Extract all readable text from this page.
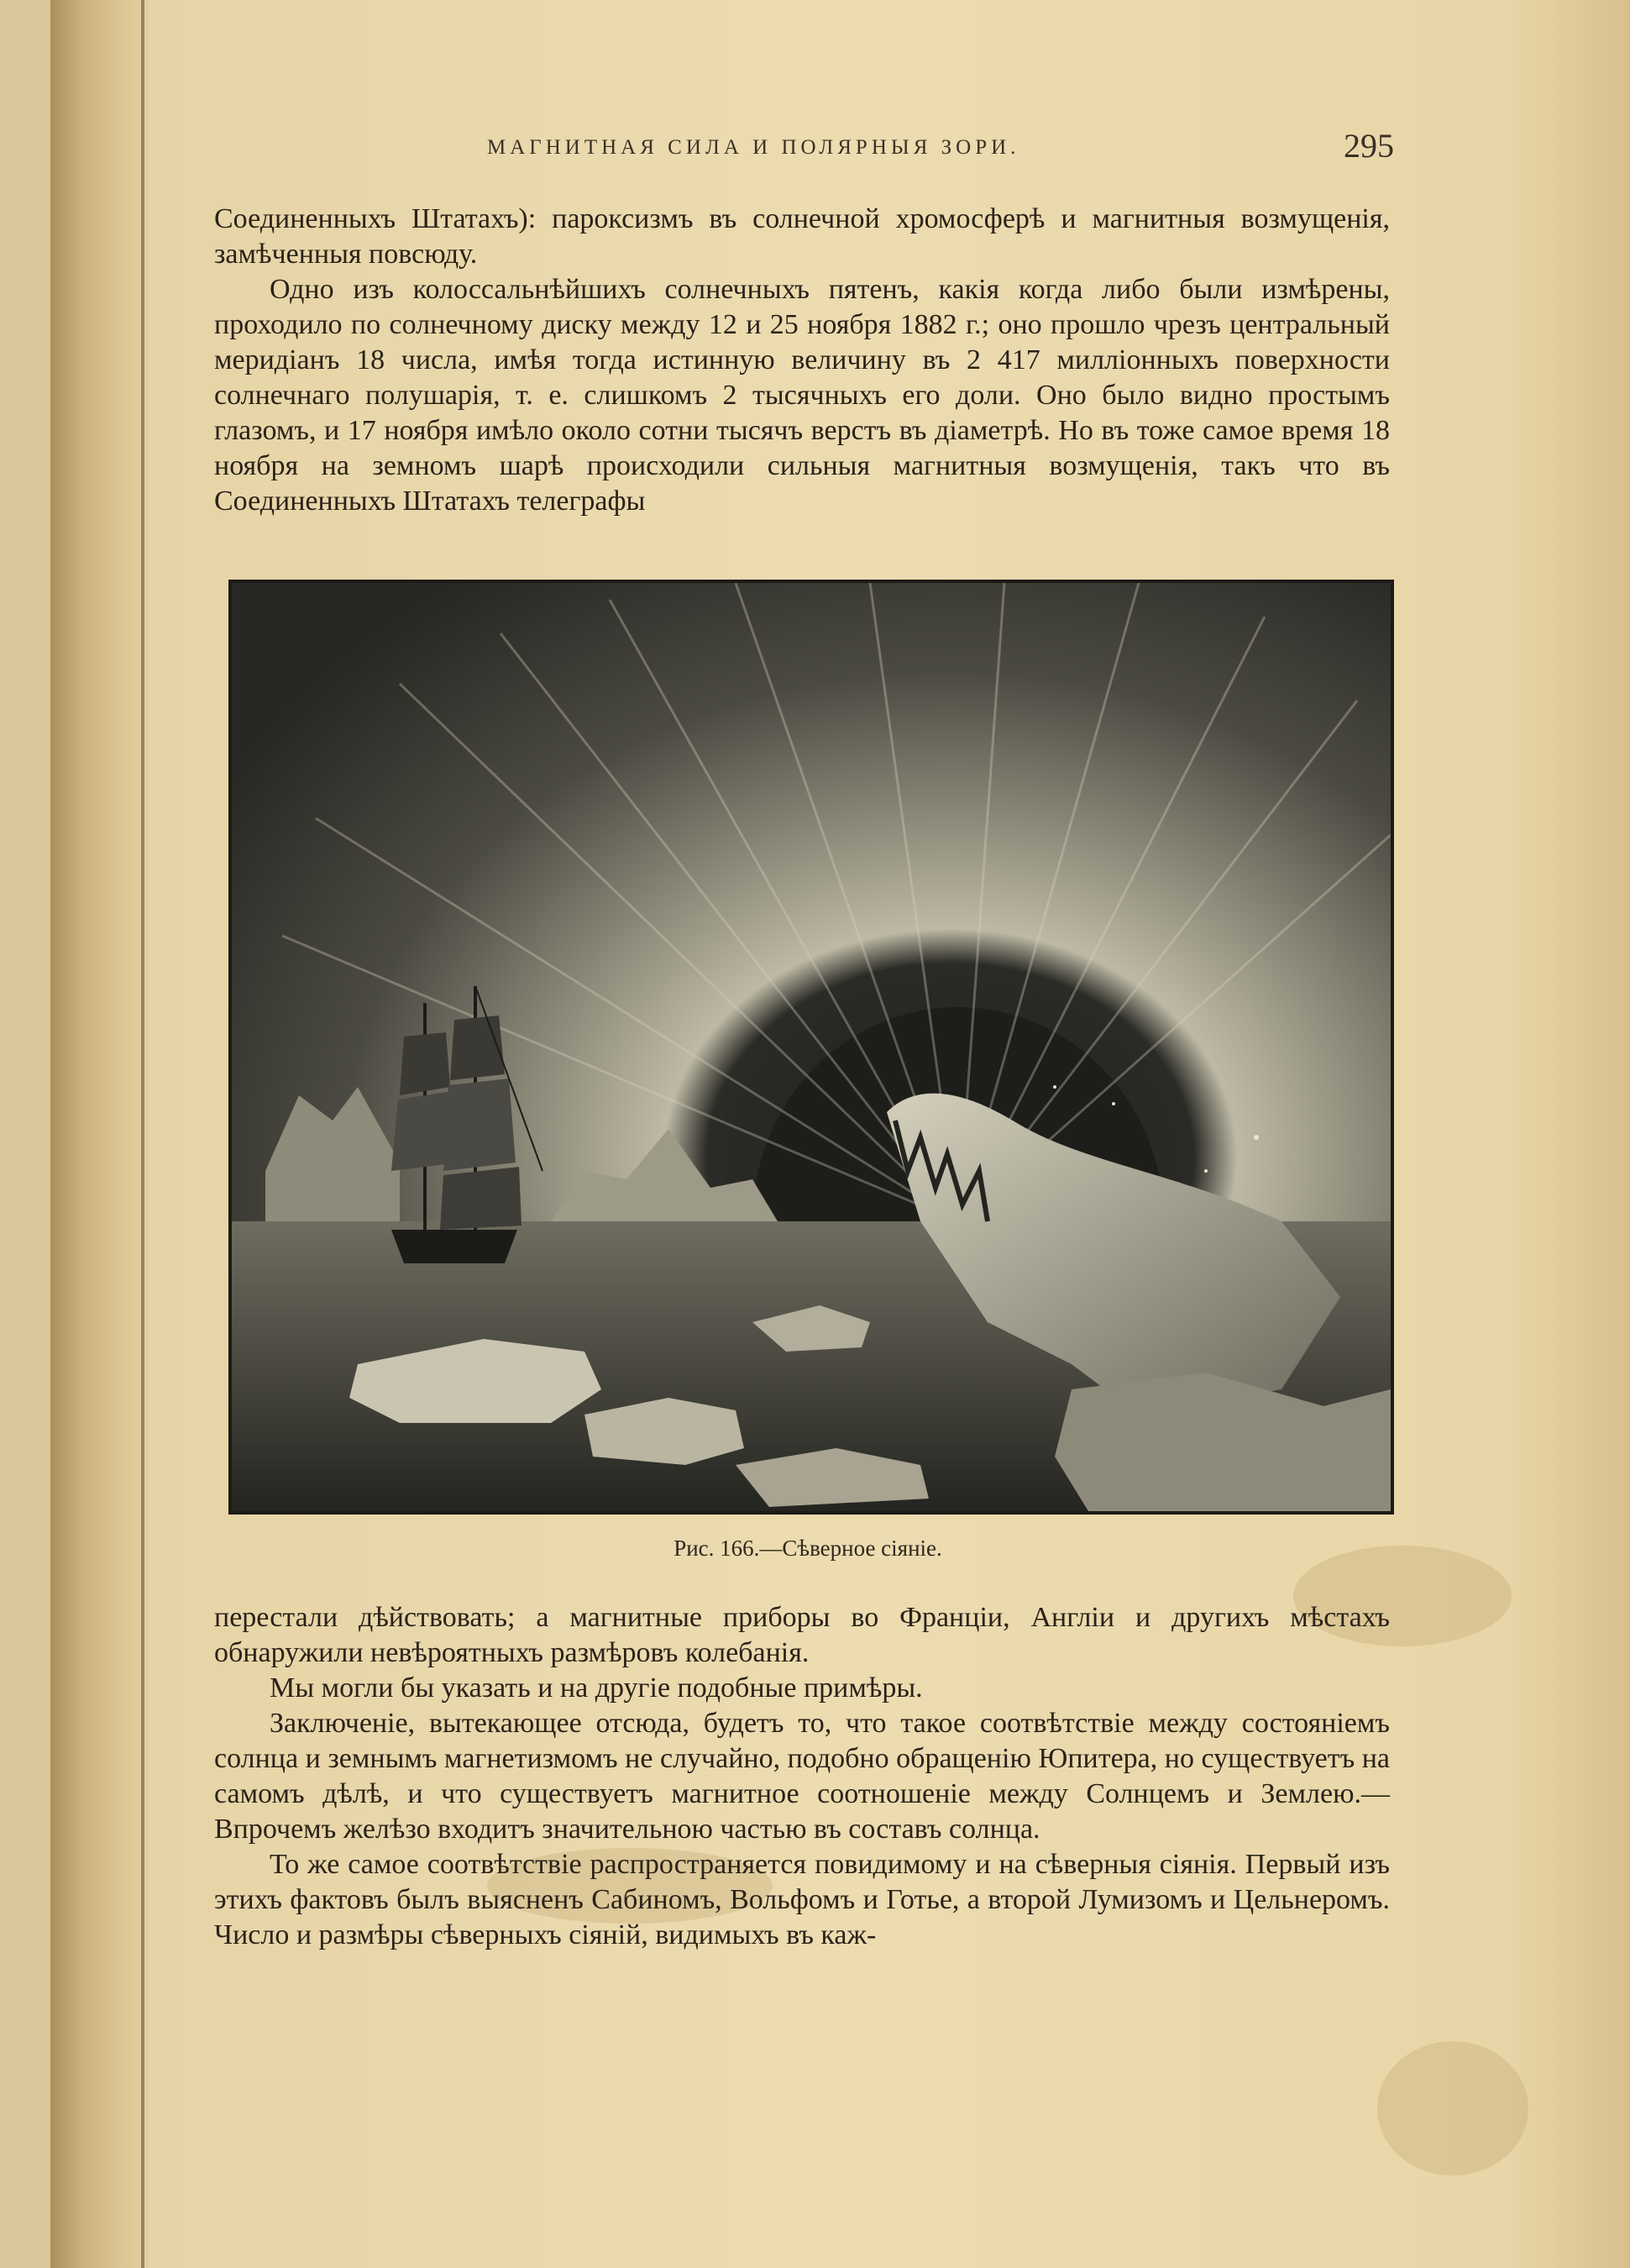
МАГНИТНАЯ СИЛА И ПОЛЯРНЫЯ ЗОРИ.	295

Соединенныхъ Штатахъ): пароксизмъ въ солнечной хромосферѣ и магнитныя возмущенія, замѣченныя повсюду.

Одно изъ колоссальнѣйшихъ солнечныхъ пятенъ, какія когда либо были измѣрены, проходило по солнечному диску между 12 и 25 ноября 1882 г.; оно прошло чрезъ центральный меридіанъ 18 числа, имѣя тогда истинную величину въ 2 417 милліонныхъ поверхности солнечнаго полушарія, т. е. слишкомъ 2 тысячныхъ его доли. Оно было видно простымъ глазомъ, и 17 ноября имѣло около сотни тысячъ верстъ въ діаметрѣ. Но въ тоже самое время 18 ноября на земномъ шарѣ происходили сильныя магнитныя возмущенія, такъ что въ Соединенныхъ Штатахъ телеграфы

Рис. 166.—Сѣверное сіяніе.

перестали дѣйствовать; а магнитные приборы во Франціи, Англіи и другихъ мѣстахъ обнаружили невѣроятныхъ размѣровъ колебанія.

Мы могли бы указать и на другіе подобные примѣры.

Заключеніе, вытекающее отсюда, будетъ то, что такое соотвѣтствіе между состояніемъ солнца и земнымъ магнетизмомъ не случайно, подобно обращенію Юпитера, но существуетъ на самомъ дѣлѣ, и что существуетъ магнитное соотношеніе между Солнцемъ и Землею.—Впрочемъ желѣзо входитъ значительною частью въ составъ солнца.

То же самое соотвѣтствіе распространяется повидимому и на сѣверныя сіянія. Первый изъ этихъ фактовъ былъ выясненъ Сабиномъ, Вольфомъ и Готье, а второй Лумизомъ и Цельнеромъ. Число и размѣры сѣверныхъ сіяній, видимыхъ въ каж-
